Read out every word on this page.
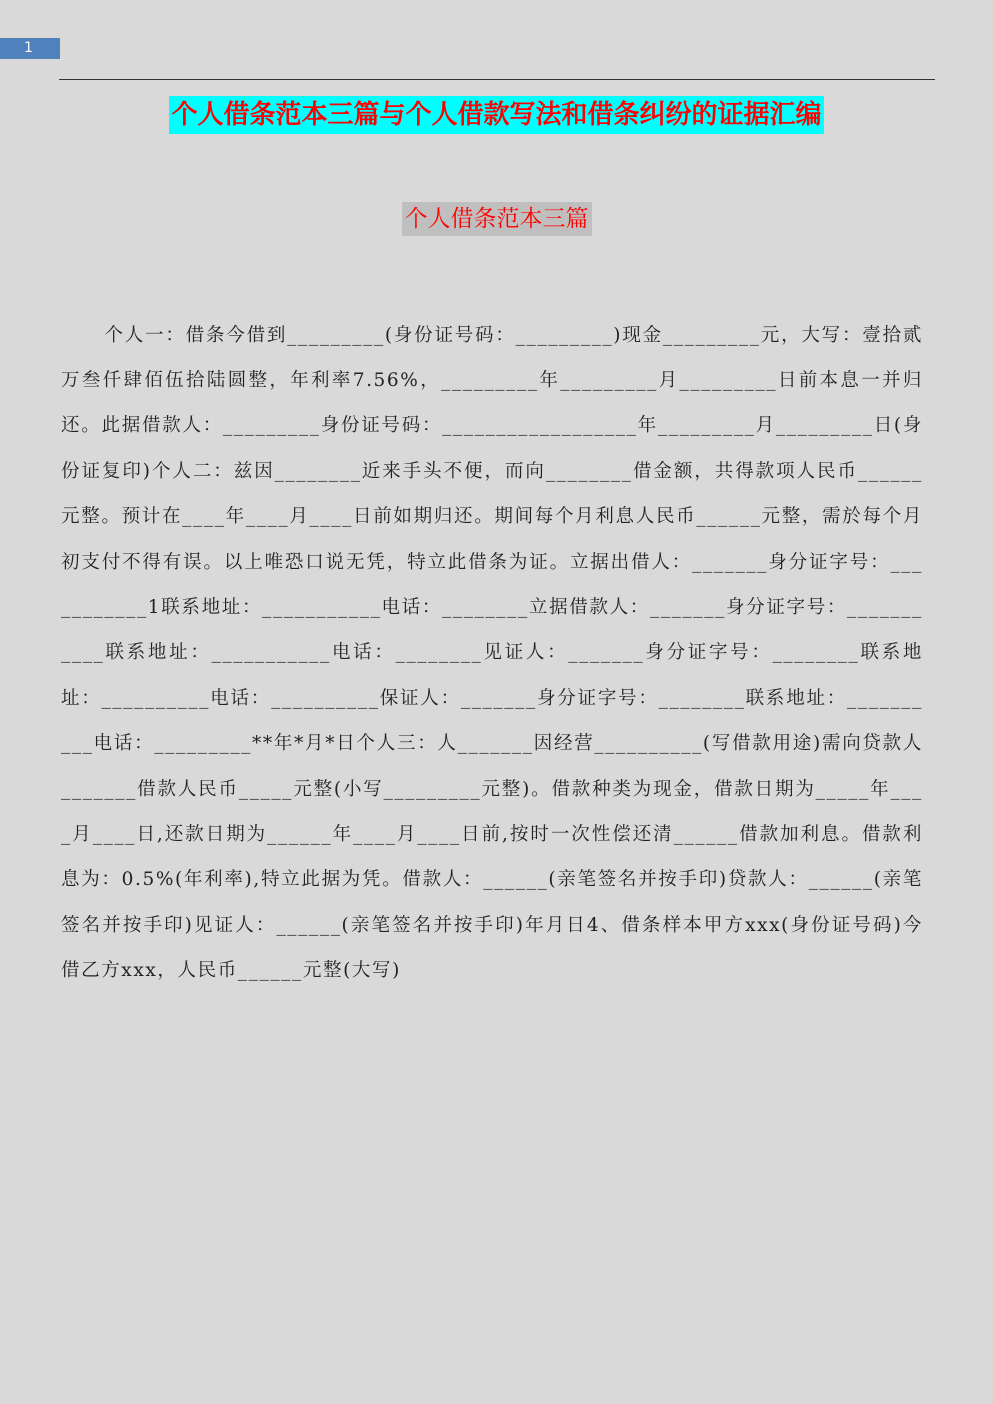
1
个人借条范本三篇与个人借款写法和借条纠纷的证据汇编
个人借条范本三篇

个人一：借条今借到_________(身份证号码：_________)现金_________元，大写：壹拾贰万叁仟肆佰伍拾陆圆整，年利率7.56%，_________年_________月_________日前本息一并归还。此据借款人：_________身份证号码：__________________年_________月_________日(身份证复印)个人二：兹因________近来手头不便，而向________借金额，共得款项人民币______元整。预计在____年____月____日前如期归还。期间每个月利息人民币______元整，需於每个月初支付不得有误。以上唯恐口说无凭，特立此借条为证。立据出借人：_______身分证字号：___________1联系地址：___________电话：________立据借款人：_______身分证字号：___________联系地址：___________电话：________见证人：_______身分证字号：________联系地址：__________电话：__________保证人：_______身分证字号：________联系地址：__________电话：_________**年*月*日个人三：人_______因经营__________(写借款用途)需向贷款人_______借款人民币_____元整(小写_________元整)。借款种类为现金，借款日期为_____年____月____日,还款日期为______年____月____日前,按时一次性偿还清______借款加利息。借款利息为：0.5%(年利率),特立此据为凭。借款人：______(亲笔签名并按手印)贷款人：______(亲笔签名并按手印)见证人：______(亲笔签名并按手印)年月日4、借条样本甲方xxx(身份证号码)今借乙方xxx，人民币______元整(大写)
